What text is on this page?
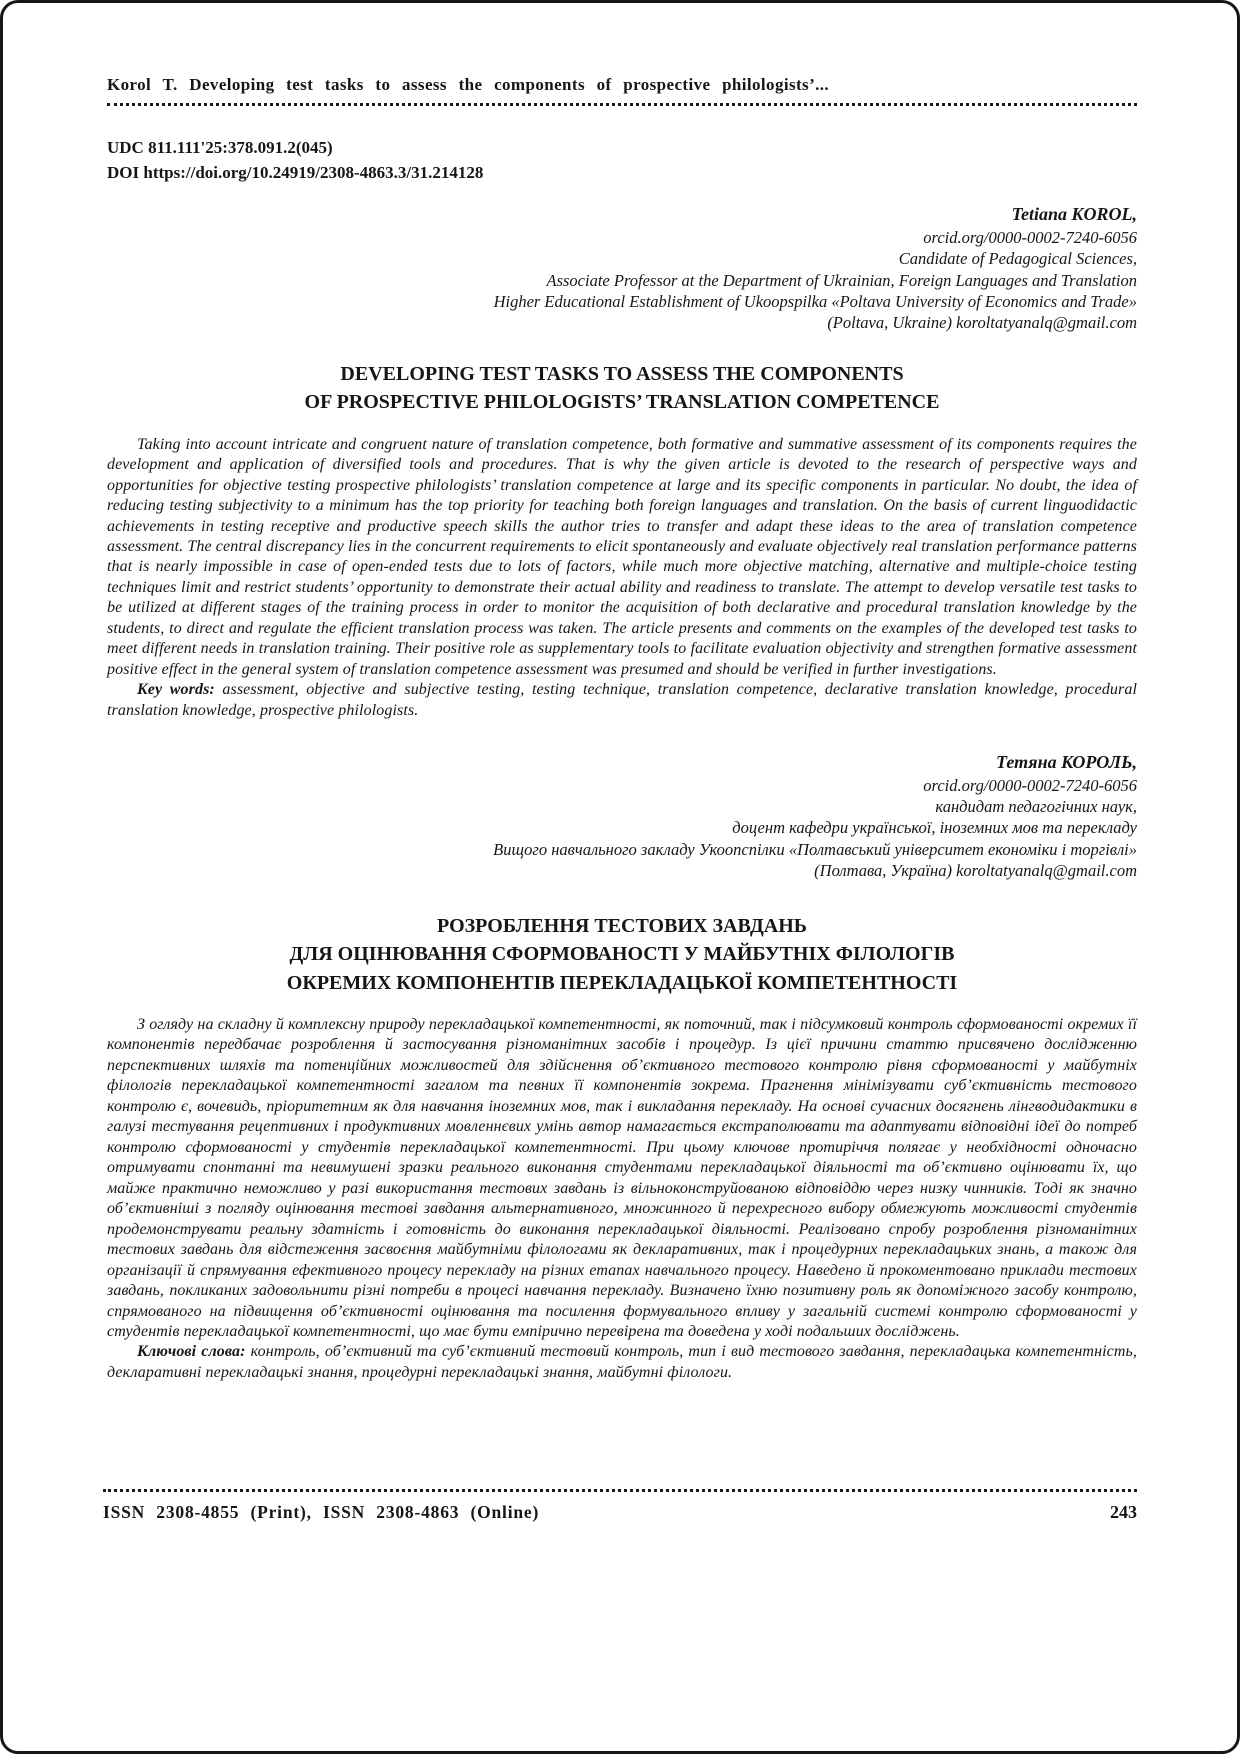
Korol T. Developing test tasks to assess the components of prospective philologists’...
UDC 811.111'25:378.091.2(045)
DOI https://doi.org/10.24919/2308-4863.3/31.214128
Tetiana KOROL,
orcid.org/0000-0002-7240-6056
Candidate of Pedagogical Sciences,
Associate Professor at the Department of Ukrainian, Foreign Languages and Translation
Higher Educational Establishment of Ukoopspilka «Poltava University of Economics and Trade»
(Poltava, Ukraine) koroltatyanalq@gmail.com
DEVELOPING TEST TASKS TO ASSESS THE COMPONENTS
OF PROSPECTIVE PHILOLOGISTS’ TRANSLATION COMPETENCE

Taking into account intricate and congruent nature of translation competence, both formative and summative assessment of its components requires the development and application of diversified tools and procedures. That is why the given article is devoted to the research of perspective ways and opportunities for objective testing prospective philologists’ translation competence at large and its specific components in particular. No doubt, the idea of reducing testing subjectivity to a minimum has the top priority for teaching both foreign languages and translation. On the basis of current linguodidactic achievements in testing receptive and productive speech skills the author tries to transfer and adapt these ideas to the area of translation competence assessment. The central discrepancy lies in the concurrent requirements to elicit spontaneously and evaluate objectively real translation performance patterns that is nearly impossible in case of open-ended tests due to lots of factors, while much more objective matching, alternative and multiple-choice testing techniques limit and restrict students’ opportunity to demonstrate their actual ability and readiness to translate. The attempt to develop versatile test tasks to be utilized at different stages of the training process in order to monitor the acquisition of both declarative and procedural translation knowledge by the students, to direct and regulate the efficient translation process was taken. The article presents and comments on the examples of the developed test tasks to meet different needs in translation training. Their positive role as supplementary tools to facilitate evaluation objectivity and strengthen formative assessment positive effect in the general system of translation competence assessment was presumed and should be verified in further investigations.

Key words: assessment, objective and subjective testing, testing technique, translation competence, declarative translation knowledge, procedural translation knowledge, prospective philologists.

Тетяна КОРОЛЬ,
orcid.org/0000-0002-7240-6056
кандидат педагогічних наук,
доцент кафедри української, іноземних мов та перекладу
Вищого навчального закладу Укоопспілки «Полтавський університет економіки і торгівлі»
(Полтава, Україна) koroltatyanalq@gmail.com
РОЗРОБЛЕННЯ ТЕСТОВИХ ЗАВДАНЬ
ДЛЯ ОЦІНЮВАННЯ СФОРМОВАНОСТІ У МАЙБУТНІХ ФІЛОЛОГІВ
ОКРЕМИХ КОМПОНЕНТІВ ПЕРЕКЛАДАЦЬКОЇ КОМПЕТЕНТНОСТІ

З огляду на складну й комплексну природу перекладацької компетентності, як поточний, так і підсумковий контроль сформованості окремих її компонентів передбачає розроблення й застосування різноманітних засобів і процедур. Із цієї причини статтю присвячено дослідженню перспективних шляхів та потенційних можливостей для здійснення об’єктивного тестового контролю рівня сформованості у майбутніх філологів перекладацької компетентності загалом та певних її компонентів зокрема. Прагнення мінімізувати суб’єктивність тестового контролю є, вочевидь, пріоритетним як для навчання іноземних мов, так і викладання перекладу. На основі сучасних досягнень лінгводидактики в галузі тестування рецептивних і продуктивних мовленнєвих умінь автор намагається екстраполювати та адаптувати відповідні ідеї до потреб контролю сформованості у студентів перекладацької компетентності. При цьому ключове протиріччя полягає у необхідності одночасно отримувати спонтанні та невимушені зразки реального виконання студентами перекладацької діяльності та об’єктивно оцінювати їх, що майже практично неможливо у разі використання тестових завдань із вільноконструйованою відповіддю через низку чинників. Тоді як значно об’єктивніші з погляду оцінювання тестові завдання альтернативного, множинного й перехресного вибору обмежують можливості студентів продемонструвати реальну здатність і готовність до виконання перекладацької діяльності. Реалізовано спробу розроблення різноманітних тестових завдань для відстеження засвоєння майбутніми філологами як декларативних, так і процедурних перекладацьких знань, а також для організації й спрямування ефективного процесу перекладу на різних етапах навчального процесу. Наведено й прокоментовано приклади тестових завдань, покликаних задовольнити різні потреби в процесі навчання перекладу. Визначено їхню позитивну роль як допоміжного засобу контролю, спрямованого на підвищення об’єктивності оцінювання та посилення формувального впливу у загальній системі контролю сформованості у студентів перекладацької компетентності, що має бути емпірично перевірена та доведена у ході подальших досліджень.

Ключові слова: контроль, об’єктивний та суб’єктивний тестовий контроль, тип і вид тестового завдання, перекладацька компетентність, декларативні перекладацькі знання, процедурні перекладацькі знання, майбутні філологи.

ISSN 2308-4855 (Print), ISSN 2308-4863 (Online)	243
